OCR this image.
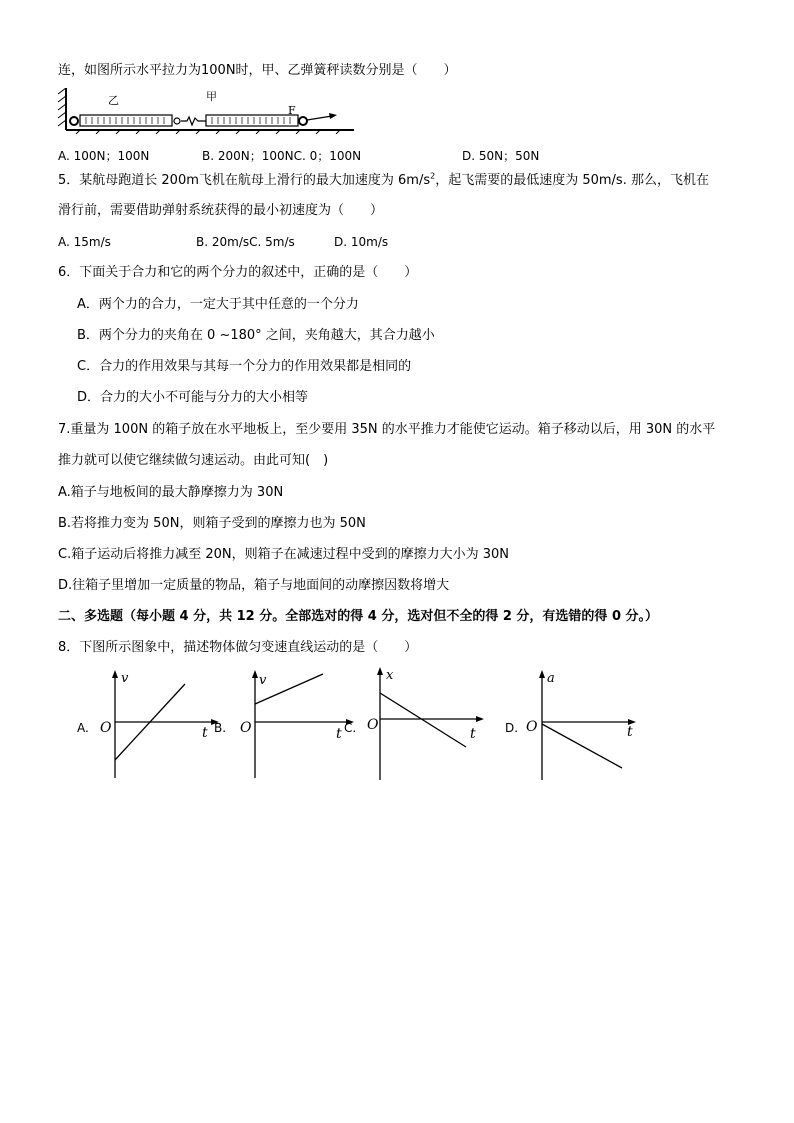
连，如图所示水平拉力为100N时，甲、乙弹簧秤读数分别是（　　）
乙	甲
F
A. 100N；100N	B. 200N；100NC. 0；100N	D. 50N；50N
5．某航母跑道长 200m飞机在航母上滑行的最大加速度为 $6m/s^2$，起飞需要的最低速度为 50m/s. 那么，飞机在
滑行前，需要借助弹射系统获得的最小初速度为（　　）
A. 15m/s	B. 20m/sC. 5m/s	D. 10m/s
6．下面关于合力和它的两个分力的叙述中，正确的是（　　）
A．两个力的合力，一定大于其中任意的一个分力
B．两个分力的夹角在 0 ~180° 之间，夹角越大，其合力越小
C．合力的作用效果与其每一个分力的作用效果都是相同的
D．合力的大小不可能与分力的大小相等
7.重量为 100N 的箱子放在水平地板上，至少要用 35N 的水平推力才能使它运动。箱子移动以后，用 30N 的水平
推力就可以使它继续做匀速运动。由此可知(　)
A.箱子与地板间的最大静摩擦力为 30N
B.若将推力变为 50N，则箱子受到的摩擦力也为 50N
C.箱子运动后将推力减至 20N，则箱子在减速过程中受到的摩擦力大小为 30N
D.往箱子里增加一定质量的物品，箱子与地面间的动摩擦因数将增大
二、多选题（每小题 4 分，共 12 分。全部选对的得 4 分，选对但不全的得 2 分，有选错的得 0 分。）
8．下图所示图象中，描述物体做匀变速直线运动的是（　　）
A.
v
O	t B.
v
O	t C.
x
O
t D.
a
O	t
